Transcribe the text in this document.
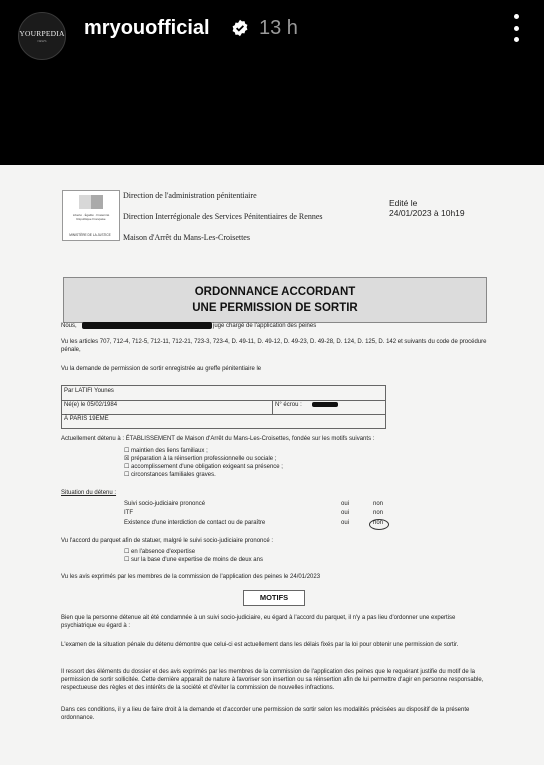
YOURPEDIA
NEWS
mryouofficial 13 h
Liberté · Égalité · Fraternité République Française
MINISTÈRE DE LA JUSTICE
Direction de l'administration pénitentiaire
Direction Interrégionale des Services Pénitentiaires de Rennes
Maison d'Arrêt du Mans-Les-Croisettes
Edité le
24/01/2023 à 10h19
ORDONNANCE ACCORDANT
UNE PERMISSION DE SORTIR
Nous,	juge chargé de l'application des peines
Vu les articles 707, 712-4, 712-5, 712-11, 712-21, 723-3, 723-4, D. 49-11, D. 49-12, D. 49-23, D. 49-28, D. 124, D. 125, D. 142 et suivants du code de procédure pénale,
Vu la demande de permission de sortir enregistrée au greffe pénitentiaire le
Par LATIFI Younes
Né(e) le 05/02/1984	N° écrou :
À PARIS 19EME
Actuellement détenu à : ÉTABLISSEMENT de Maison d'Arrêt du Mans-Les-Croisettes, fondée sur les motifs suivants :
☐ maintien des liens familiaux ;
☒ préparation à la réinsertion professionnelle ou sociale ;
☐ accomplissement d'une obligation exigeant sa présence ;
☐ circonstances familiales graves.
Situation du détenu :
Suivi socio-judiciaire prononcé	oui	non
ITF	oui	non
Existence d'une interdiction de contact ou de paraître	oui	non
Vu l'accord du parquet afin de statuer, malgré le suivi socio-judiciaire prononcé :
☐ en l'absence d'expertise
☐ sur la base d'une expertise de moins de deux ans
Vu les avis exprimés par les membres de la commission de l'application des peines le 24/01/2023
MOTIFS
Bien que la personne détenue ait été condamnée à un suivi socio-judiciaire, eu égard à l'accord du parquet, il n'y a pas lieu d'ordonner une expertise psychiatrique eu égard à :
L'examen de la situation pénale du détenu démontre que celui-ci est actuellement dans les délais fixés par la loi pour obtenir une permission de sortir.
Il ressort des éléments du dossier et des avis exprimés par les membres de la commission de l'application des peines que le requérant justifie du motif de la permission de sortir sollicitée. Cette dernière apparaît de nature à favoriser son insertion ou sa réinsertion afin de lui permettre d'agir en personne responsable, respectueuse des règles et des intérêts de la société et d'éviter la commission de nouvelles infractions.
Dans ces conditions, il y a lieu de faire droit à la demande et d'accorder une permission de sortir selon les modalités précisées au dispositif de la présente ordonnance.
